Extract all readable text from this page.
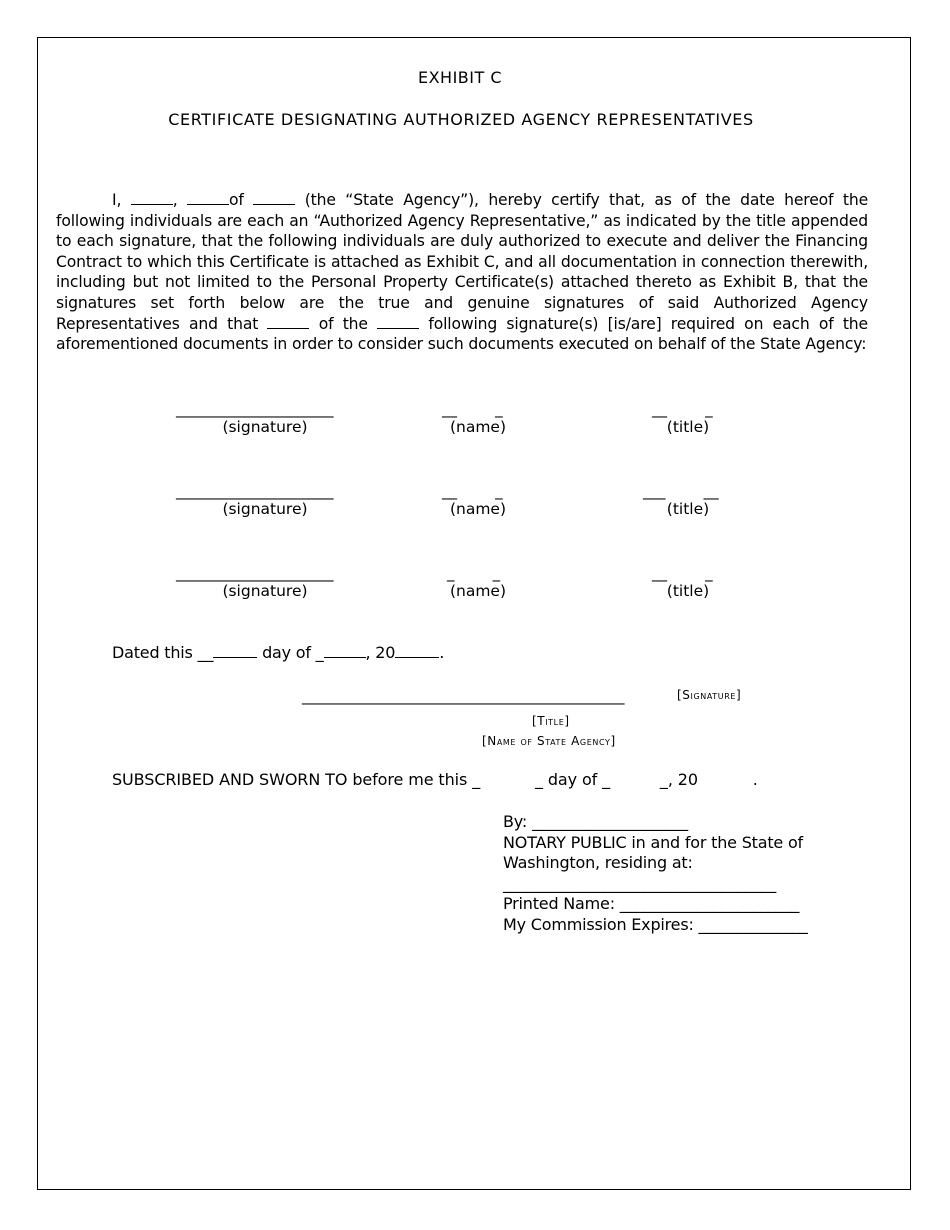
EXHIBIT C
CERTIFICATE DESIGNATING AUTHORIZED AGENCY REPRESENTATIVES
I,	,	of	(the “State Agency”), hereby certify that, as of the date hereof the following individuals are each an “Authorized Agency Representative,” as indicated by the title appended to each signature, that the following individuals are duly authorized to execute and deliver the Financing Contract to which this Certificate is attached as Exhibit C, and all documentation in connection therewith, including but not limited to the Personal Property Certificate(s) attached thereto as Exhibit B, that the signatures set forth below are the true and genuine signatures of said Authorized Agency Representatives and that	of the	following signature(s) [is/are] required on each of the aforementioned documents in order to consider such documents executed on behalf of the State Agency:
_____________________	__        _	__        _
(signature)	(name)	(title)
_____________________	__        _	___        __
(signature)	(name)	(title)
_____________________	_        _	__        _
(signature)	(name)	(title)
Dated this __	day of _	, 20	.
___________________________________________	[Signature]
[Title]
[Name of State Agency]
SUBSCRIBED AND SWORN TO before me this _           _ day of _          _, 20           .
By: ____________________
NOTARY PUBLIC in and for the State of
Washington, residing at:
___________________________________
Printed Name: _______________________
My Commission Expires: ______________
